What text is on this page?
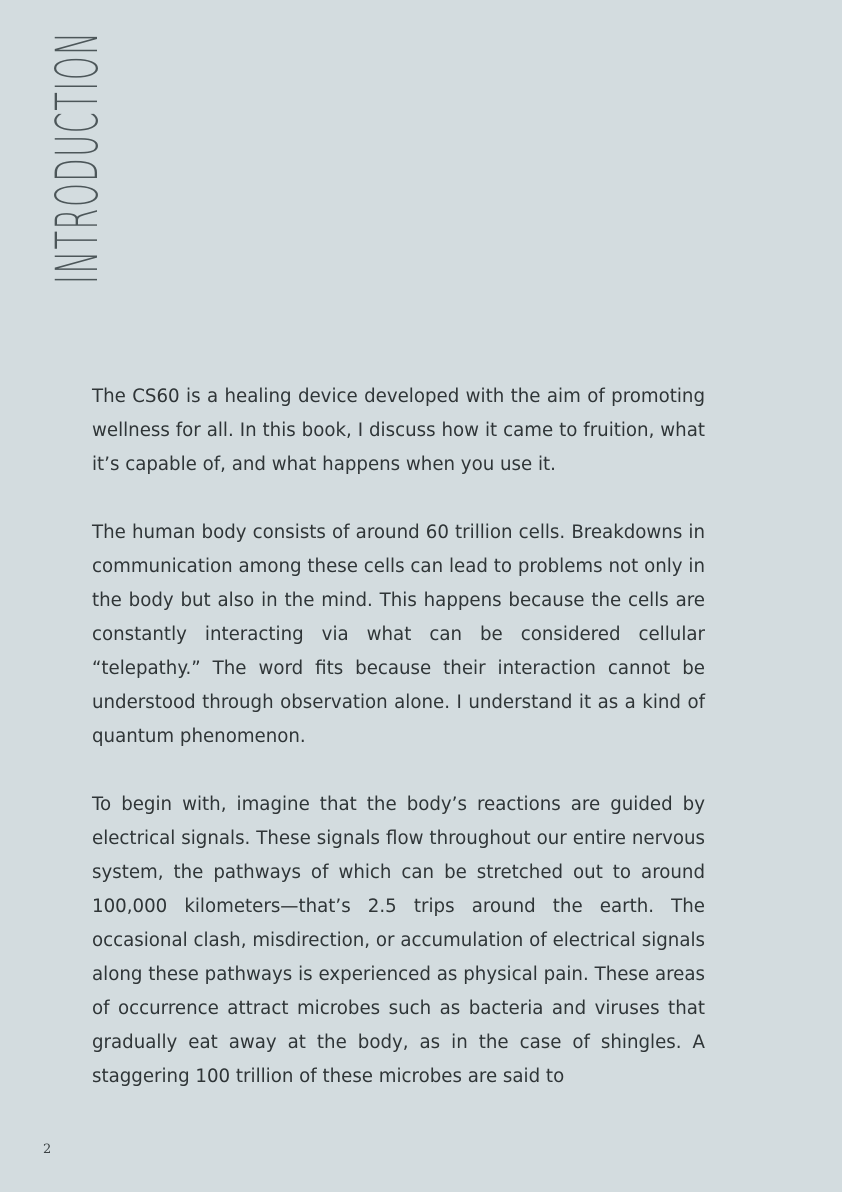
INTRODUCTION

The CS60 is a healing device developed with the aim of promoting wellness for all. In this book, I discuss how it came to fruition, what it’s capable of, and what happens when you use it.

The human body consists of around 60 trillion cells. Breakdowns in communication among these cells can lead to problems not only in the body but also in the mind. This happens because the cells are constantly interacting via what can be considered cellular “telepathy.” The word fits because their interaction cannot be understood through observation alone. I understand it as a kind of quantum phenomenon.

To begin with, imagine that the body’s reactions are guided by electrical signals. These signals flow throughout our entire nervous system, the pathways of which can be stretched out to around 100,000 kilometers—that’s 2.5 trips around the earth. The occasional clash, misdirection, or accumulation of electrical signals along these pathways is experienced as physical pain. These areas of occurrence attract microbes such as bacteria and viruses that gradually eat away at the body, as in the case of shingles. A staggering 100 trillion of these microbes are said to

2
